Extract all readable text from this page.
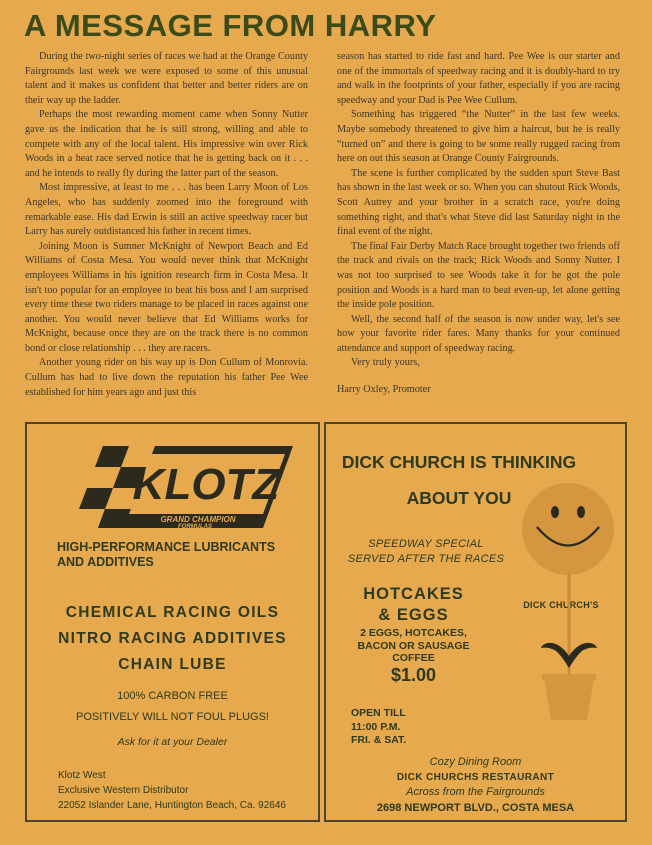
A MESSAGE FROM HARRY

During the two-night series of races we had at the Orange County Fairgrounds last week we were exposed to some of this unusual talent and it makes us confident that better and better riders are on their way up the ladder.

Perhaps the most rewarding moment came when Sonny Nutter gave us the indication that he is still strong, willing and able to compete with any of the local talent. His impressive win over Rick Woods in a heat race served notice that he is getting back on it . . . and he intends to really fly during the latter part of the season.

Most impressive, at least to me . . . has been Larry Moon of Los Angeles, who has suddenly zoomed into the foreground with remarkable ease. His dad Erwin is still an active speedway racer but Larry has surely outdistanced his father in recent times.

Joining Moon is Sumner McKnight of Newport Beach and Ed Williams of Costa Mesa. You would never think that McKnight employees Williams in his ignition research firm in Costa Mesa. It isn't too popular for an employee to beat his boss and I am surprised every time these two riders manage to be placed in races against one another. You would never believe that Ed Williams works for McKnight, because once they are on the track there is no common bond or close relationship . . . they are racers.

Another young rider on his way up is Don Cullum of Monrovia. Cullum has had to live down the reputation his father Pee Wee established for him years ago and just this

season has started to ride fast and hard. Pee Wee is our starter and one of the immortals of speedway racing and it is doubly-hard to try and walk in the footprints of your father, especially if you are racing speedway and your Dad is Pee Wee Cullum.

Something has triggered “the Nutter” in the last few weeks. Maybe somebody threatened to give him a haircut, but he is really “turned on” and there is going to be some really rugged racing from here on out this season at Orange County Fairgrounds.

The scene is further complicated by the sudden spurt Steve Bast has shown in the last week or so. When you can shutout Rick Woods, Scott Autrey and your brother in a scratch race, you're doing something right, and that's what Steve did last Saturday night in the final event of the night.

The final Fair Derby Match Race brought together two friends off the track and rivals on the track; Rick Woods and Sonny Nutter. I was not too surprised to see Woods take it for he got the pole position and Woods is a hard man to beat even-up, let alone getting the inside pole position.

Well, the second half of the season is now under way, let's see how your favorite rider fares. Many thanks for your continued attendance and support of speedway racing.

Very truly yours,

Harry Oxley, Promoter

KLOTZ
GRAND CHAMPION
FORMULAS
HIGH-PERFORMANCE LUBRICANTS
AND ADDITIVES
CHEMICAL RACING OILS
NITRO RACING ADDITIVES
CHAIN LUBE
100% CARBON FREE
POSITIVELY WILL NOT FOUL PLUGS!
Ask for it at your Dealer
Klotz West
Exclusive Western Distributor
22052 Islander Lane, Huntington Beach, Ca. 92646
DICK CHURCH IS THINKING
ABOUT YOU
SPEEDWAY SPECIAL
SERVED AFTER THE RACES
HOTCAKES
& EGGS
2 EGGS, HOTCAKES,
BACON OR SAUSAGE
COFFEE
$1.00
DICK CHURCH'S
OPEN TILL
11:00 P.M.
FRI. & SAT.
Cozy Dining Room
DICK CHURCHS RESTAURANT
Across from the Fairgrounds
2698 NEWPORT BLVD., COSTA MESA
